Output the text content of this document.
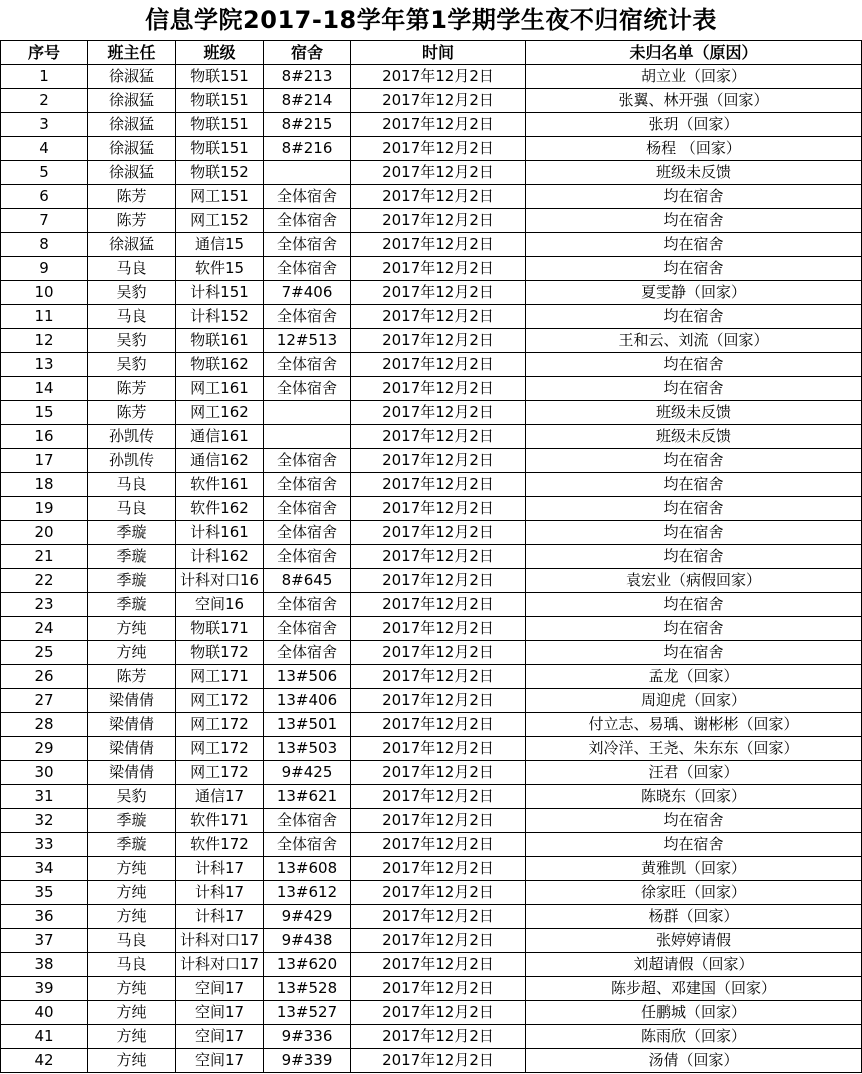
信息学院2017-18学年第1学期学生夜不归宿统计表
序号	班主任	班级	宿舍	时间	未归名单（原因）
1	徐淑猛	物联151	8#213	2017年12月2日	胡立业（回家）
2	徐淑猛	物联151	8#214	2017年12月2日	张翼、林开强（回家）
3	徐淑猛	物联151	8#215	2017年12月2日	张玥（回家）
4	徐淑猛	物联151	8#216	2017年12月2日	杨程 （回家）
5	徐淑猛	物联152		2017年12月2日	班级未反馈
6	陈芳	网工151	全体宿舍	2017年12月2日	均在宿舍
7	陈芳	网工152	全体宿舍	2017年12月2日	均在宿舍
8	徐淑猛	通信15	全体宿舍	2017年12月2日	均在宿舍
9	马良	软件15	全体宿舍	2017年12月2日	均在宿舍
10	吴豹	计科151	7#406	2017年12月2日	夏雯静（回家）
11	马良	计科152	全体宿舍	2017年12月2日	均在宿舍
12	吴豹	物联161	12#513	2017年12月2日	王和云、刘流（回家）
13	吴豹	物联162	全体宿舍	2017年12月2日	均在宿舍
14	陈芳	网工161	全体宿舍	2017年12月2日	均在宿舍
15	陈芳	网工162		2017年12月2日	班级未反馈
16	孙凯传	通信161		2017年12月2日	班级未反馈
17	孙凯传	通信162	全体宿舍	2017年12月2日	均在宿舍
18	马良	软件161	全体宿舍	2017年12月2日	均在宿舍
19	马良	软件162	全体宿舍	2017年12月2日	均在宿舍
20	季璇	计科161	全体宿舍	2017年12月2日	均在宿舍
21	季璇	计科162	全体宿舍	2017年12月2日	均在宿舍
22	季璇	计科对口16	8#645	2017年12月2日	袁宏业（病假回家）
23	季璇	空间16	全体宿舍	2017年12月2日	均在宿舍
24	方纯	物联171	全体宿舍	2017年12月2日	均在宿舍
25	方纯	物联172	全体宿舍	2017年12月2日	均在宿舍
26	陈芳	网工171	13#506	2017年12月2日	孟龙（回家）
27	梁倩倩	网工172	13#406	2017年12月2日	周迎虎（回家）
28	梁倩倩	网工172	13#501	2017年12月2日	付立志、易瑀、谢彬彬（回家）
29	梁倩倩	网工172	13#503	2017年12月2日	刘冷洋、王尧、朱东东（回家）
30	梁倩倩	网工172	9#425	2017年12月2日	汪君（回家）
31	吴豹	通信17	13#621	2017年12月2日	陈晓东（回家）
32	季璇	软件171	全体宿舍	2017年12月2日	均在宿舍
33	季璇	软件172	全体宿舍	2017年12月2日	均在宿舍
34	方纯	计科17	13#608	2017年12月2日	黄雅凯（回家）
35	方纯	计科17	13#612	2017年12月2日	徐家旺（回家）
36	方纯	计科17	9#429	2017年12月2日	杨群（回家）
37	马良	计科对口17	9#438	2017年12月2日	张婷婷请假
38	马良	计科对口17	13#620	2017年12月2日	刘超请假（回家）
39	方纯	空间17	13#528	2017年12月2日	陈步超、邓建国（回家）
40	方纯	空间17	13#527	2017年12月2日	任鹏城（回家）
41	方纯	空间17	9#336	2017年12月2日	陈雨欣（回家）
42	方纯	空间17	9#339	2017年12月2日	汤倩（回家）
